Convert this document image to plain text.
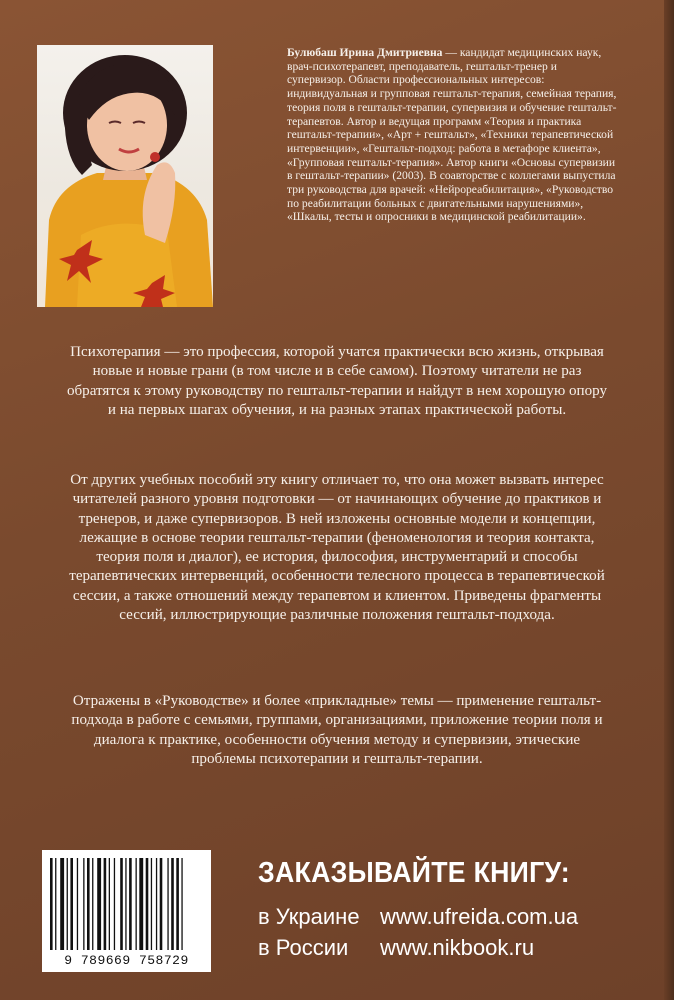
Булюбаш Ирина Дмитриевна — кандидат медицинских наук, врач-психотерапевт, преподаватель, гештальт-тренер и супервизор. Области профессиональных интересов: индивидуальная и групповая гештальт-терапия, семейная терапия, теория поля в гештальт-терапии, супервизия и обучение гештальт-терапевтов. Автор и ведущая программ «Теория и практика гештальт-терапии», «Арт + гештальт», «Техники терапевтической интервенции», «Гештальт-подход: работа в метафоре клиента», «Групповая гештальт-терапия». Автор книги «Основы супервизии в гештальт-терапии» (2003). В соавторстве с коллегами выпустила три руководства для врачей: «Нейрореабилитация», «Руководство по реабилитации больных с двигательными нарушениями», «Шкалы, тесты и опросники в медицинской реабилитации».

Психотерапия — это профессия, которой учатся практически всю жизнь, открывая новые и новые грани (в том числе и в себе самом). Поэтому читатели не раз обратятся к этому руководству по гештальт-терапии и найдут в нем хорошую опору и на первых шагах обучения, и на разных этапах практической работы.

От других учебных пособий эту книгу отличает то, что она может вызвать интерес читателей разного уровня подготовки — от начинающих обучение до практиков и тренеров, и даже супервизоров. В ней изложены основные модели и концепции, лежащие в основе теории гештальт-терапии (феноменология и теория контакта, теория поля и диалог), ее история, философия, инструментарий и способы терапевтических интервенций, особенности телесного процесса в терапевтической сессии, а также отношений между терапевтом и клиентом. Приведены фрагменты сессий, иллюстрирующие различные положения гештальт-подхода.

Отражены в «Руководстве» и более «прикладные» темы — применение гештальт-подхода в работе с семьями, группами, организациями, приложение теории поля и диалога к практике, особенности обучения методу и супервизии, этические проблемы психотерапии и гештальт-терапии.

9 789669 758729
ЗАКАЗЫВАЙТЕ КНИГУ:
в Украине www.ufreida.com.ua
в России www.nikbook.ru
